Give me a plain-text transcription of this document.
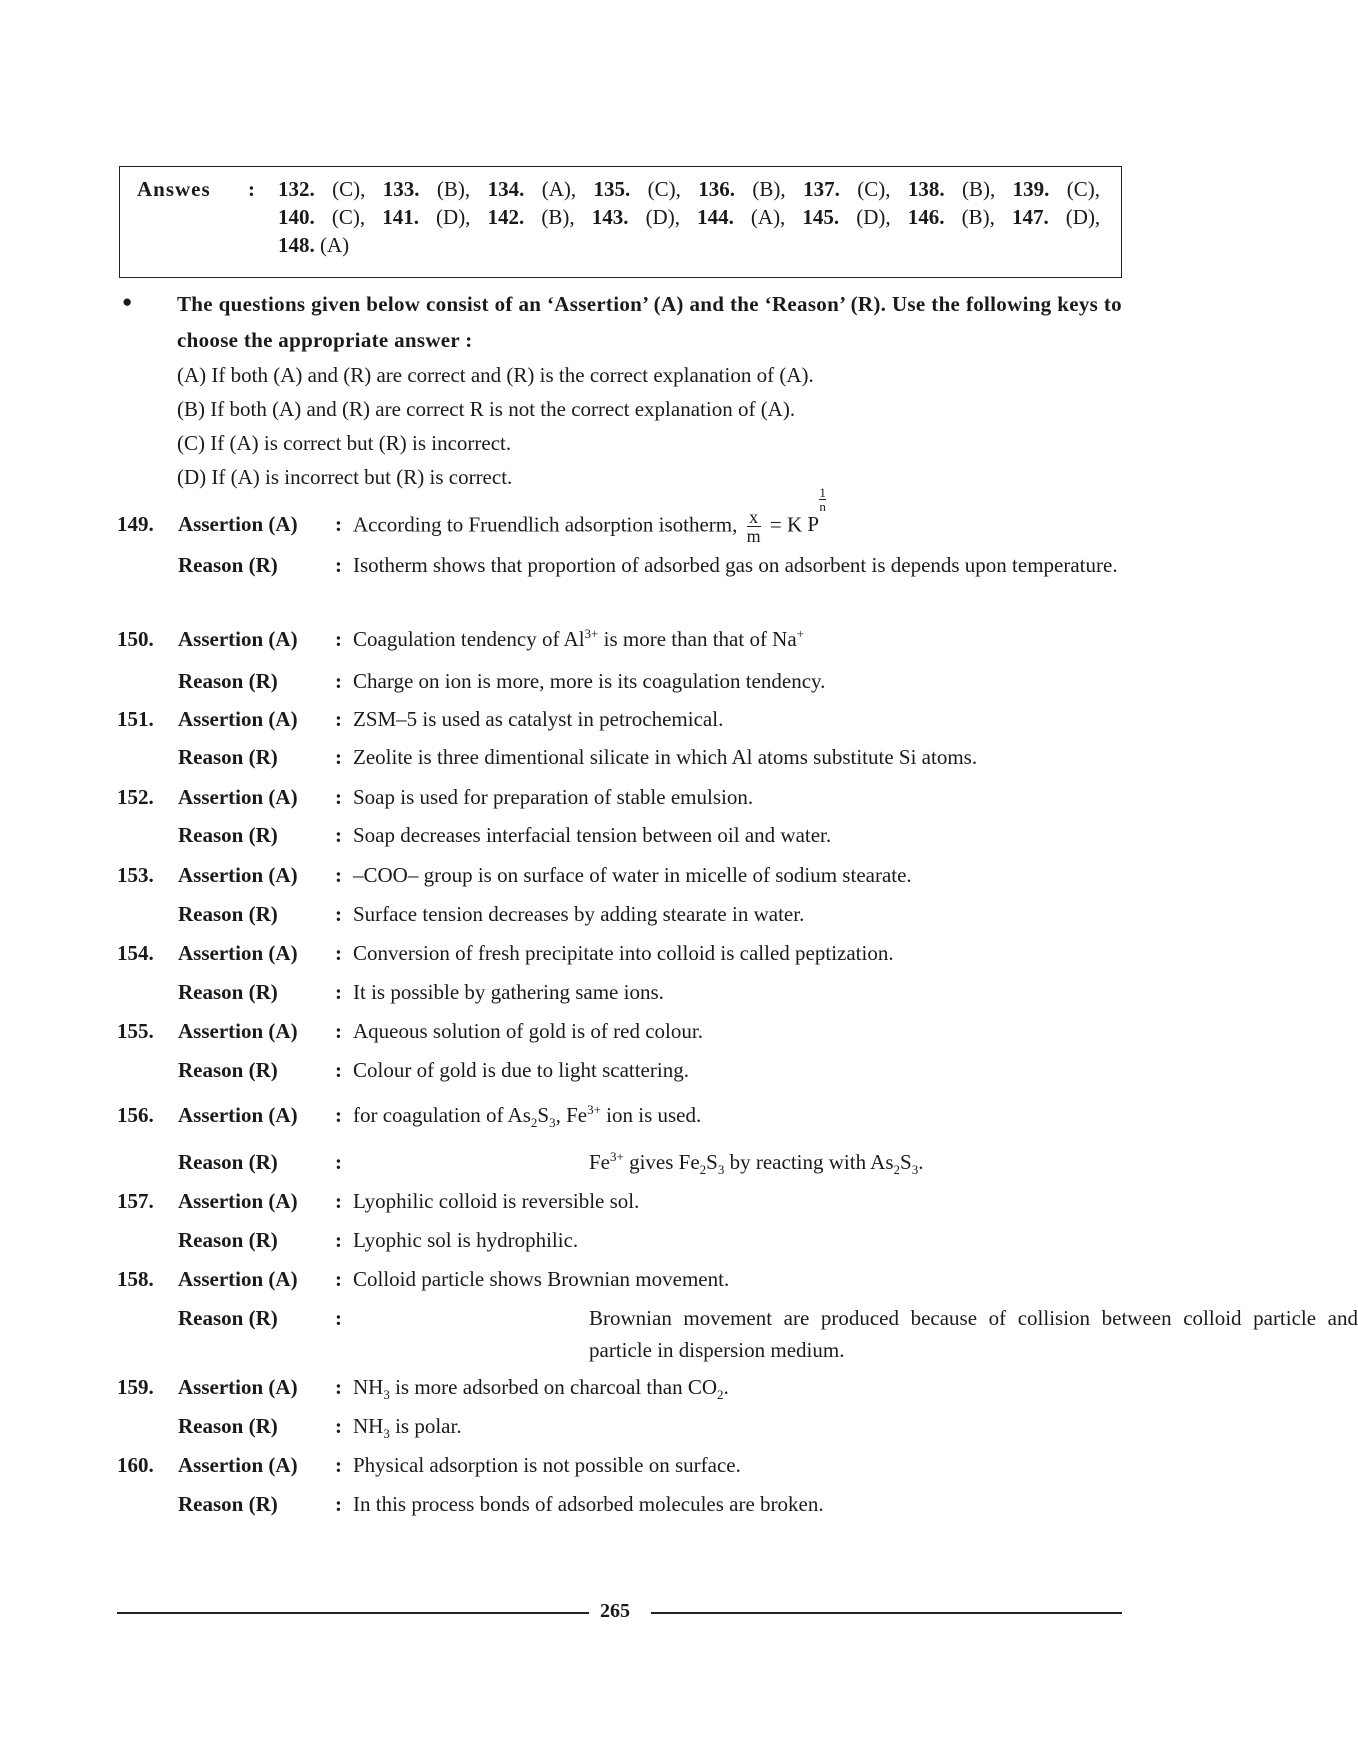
Answes : 132. (C), 133. (B), 134. (A), 135. (C), 136. (B), 137. (C), 138. (B), 139. (C),
140. (C), 141. (D), 142. (B), 143. (D), 144. (A), 145. (D), 146. (B), 147. (D),
148. (A)
● The questions given below consist of an ‘Assertion’ (A) and the ‘Reason’ (R). Use the following keys to choose the appropriate answer :
(A) If both (A) and (R) are correct and (R) is the correct explanation of (A).
(B) If both (A) and (R) are correct R is not the correct explanation of (A).
(C) If (A) is correct but (R) is incorrect.
(D) If (A) is incorrect but (R) is correct.
149. Assertion (A) : According to Fruendlich adsorption isotherm, $\frac{x}{m} = K$ P
1
n
Reason (R)	: Isotherm shows that proportion of adsorbed gas on adsorbent is depends upon temperature.
150. Assertion (A) : Coagulation tendency of $Al^{3+}$ is more than that of Na+
Reason (R)	: Charge on ion is more, more is its coagulation tendency.
151. Assertion (A) : ZSM–5 is used as catalyst in petrochemical.
Reason (R)	: Zeolite is three dimentional silicate in which Al atoms substitute Si atoms.
152. Assertion (A) : Soap is used for preparation of stable emulsion.
Reason (R)	: Soap decreases interfacial tension between oil and water.
153. Assertion (A) : –COO– group is on surface of water in micelle of sodium stearate.
Reason (R)	: Surface tension decreases by adding stearate in water.
154. Assertion (A) : Conversion of fresh precipitate into colloid is called peptization.
Reason (R)	: It is possible by gathering same ions.
155. Assertion (A) : Aqueous solution of gold is of red colour.
Reason (R)	: Colour of gold is due to light scattering.
156. Assertion (A) : for coagulation of $As_2S_3$, $Fe^{3+}$ ion is used.
Reason (R)	:	$Fe^{3+}$ gives $Fe_2S_3$ by reacting with $As_2S_3$.
157. Assertion (A) : Lyophilic colloid is reversible sol.
Reason (R)	: Lyophic sol is hydrophilic.
158. Assertion (A) : Colloid particle shows Brownian movement.
Reason (R)	:	Brownian movement are produced because of collision between colloid particle and particle in dispersion medium.
159. Assertion (A) : $NH_3$ is more adsorbed on charcoal than $CO_2$.
Reason (R)	: $NH_3$ is polar.
160. Assertion (A) : Physical adsorption is not possible on surface.
Reason (R)	: In this process bonds of adsorbed molecules are broken.
265
